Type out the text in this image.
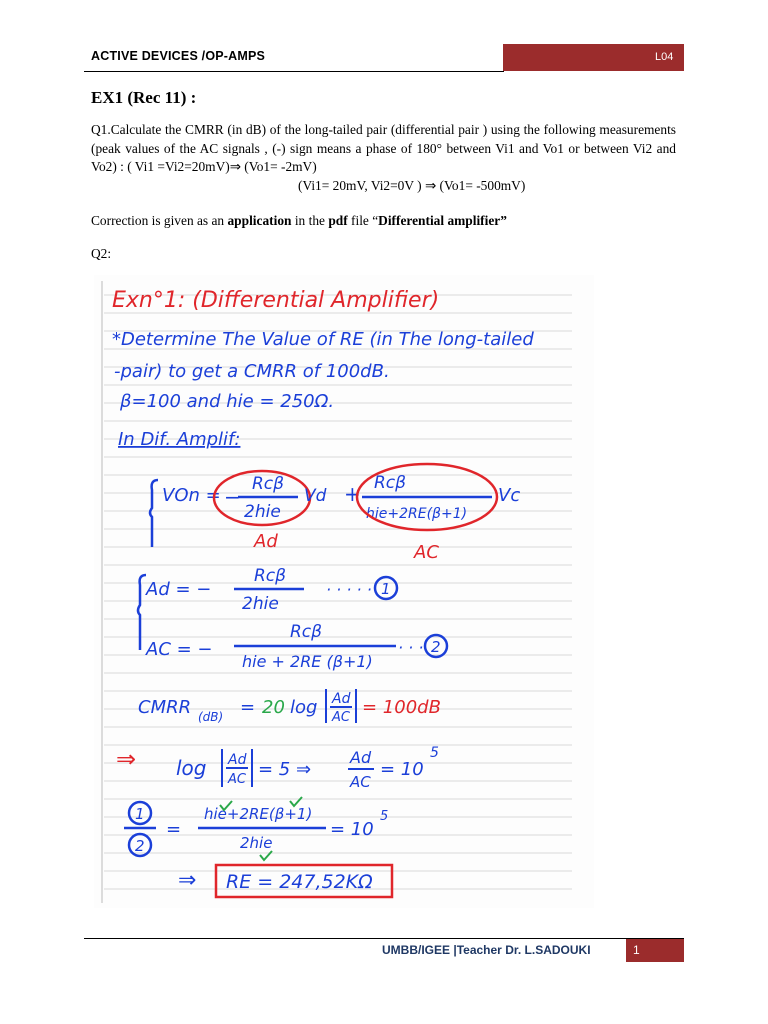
ACTIVE DEVICES /OP-AMPS	L04
EX1 (Rec 11) :
Q1.Calculate the CMRR (in dB) of the long-tailed pair (differential pair ) using the following measurements (peak values of the AC signals , (-) sign means a phase of 180° between Vi1 and Vo1 or between Vi2 and Vo2) : ( Vi1 =Vi2=20mV)⇒ (Vo1= -2mV)
(Vi1= 20mV, Vi2=0V ) ⇒ (Vo1= -500mV)
Correction is given as an application in the pdf file “Differential amplifier”
Q2:
Exn°1: (Differential Amplifier)
*Determine The Value of RE (in The long-tailed
-pair) to get a CMRR of 100dB.
β=100 and hie = 250Ω.
In Dif. Amplif:
VOn = −
Rcβ
2hie
Vd
Ad
+ Rcβ
hie+2RE(β+1)
Vc
AC
Ad = −
Rcβ
2hie
· · · · · 1
AC = −
Rcβ
hie + 2RE (β+1)
· · · 2
CMRR (dB) = 20 log Ad
AC = 100dB
⇒ log Ad
AC = 5 ⇒
Ad
AC
= 10
5
1
2
=
hie+2RE(β+1)
2hie
= 10
5
⇒ RE = 247,52KΩ
UMBB/IGEE |Teacher Dr. L.SADOUKI	1
